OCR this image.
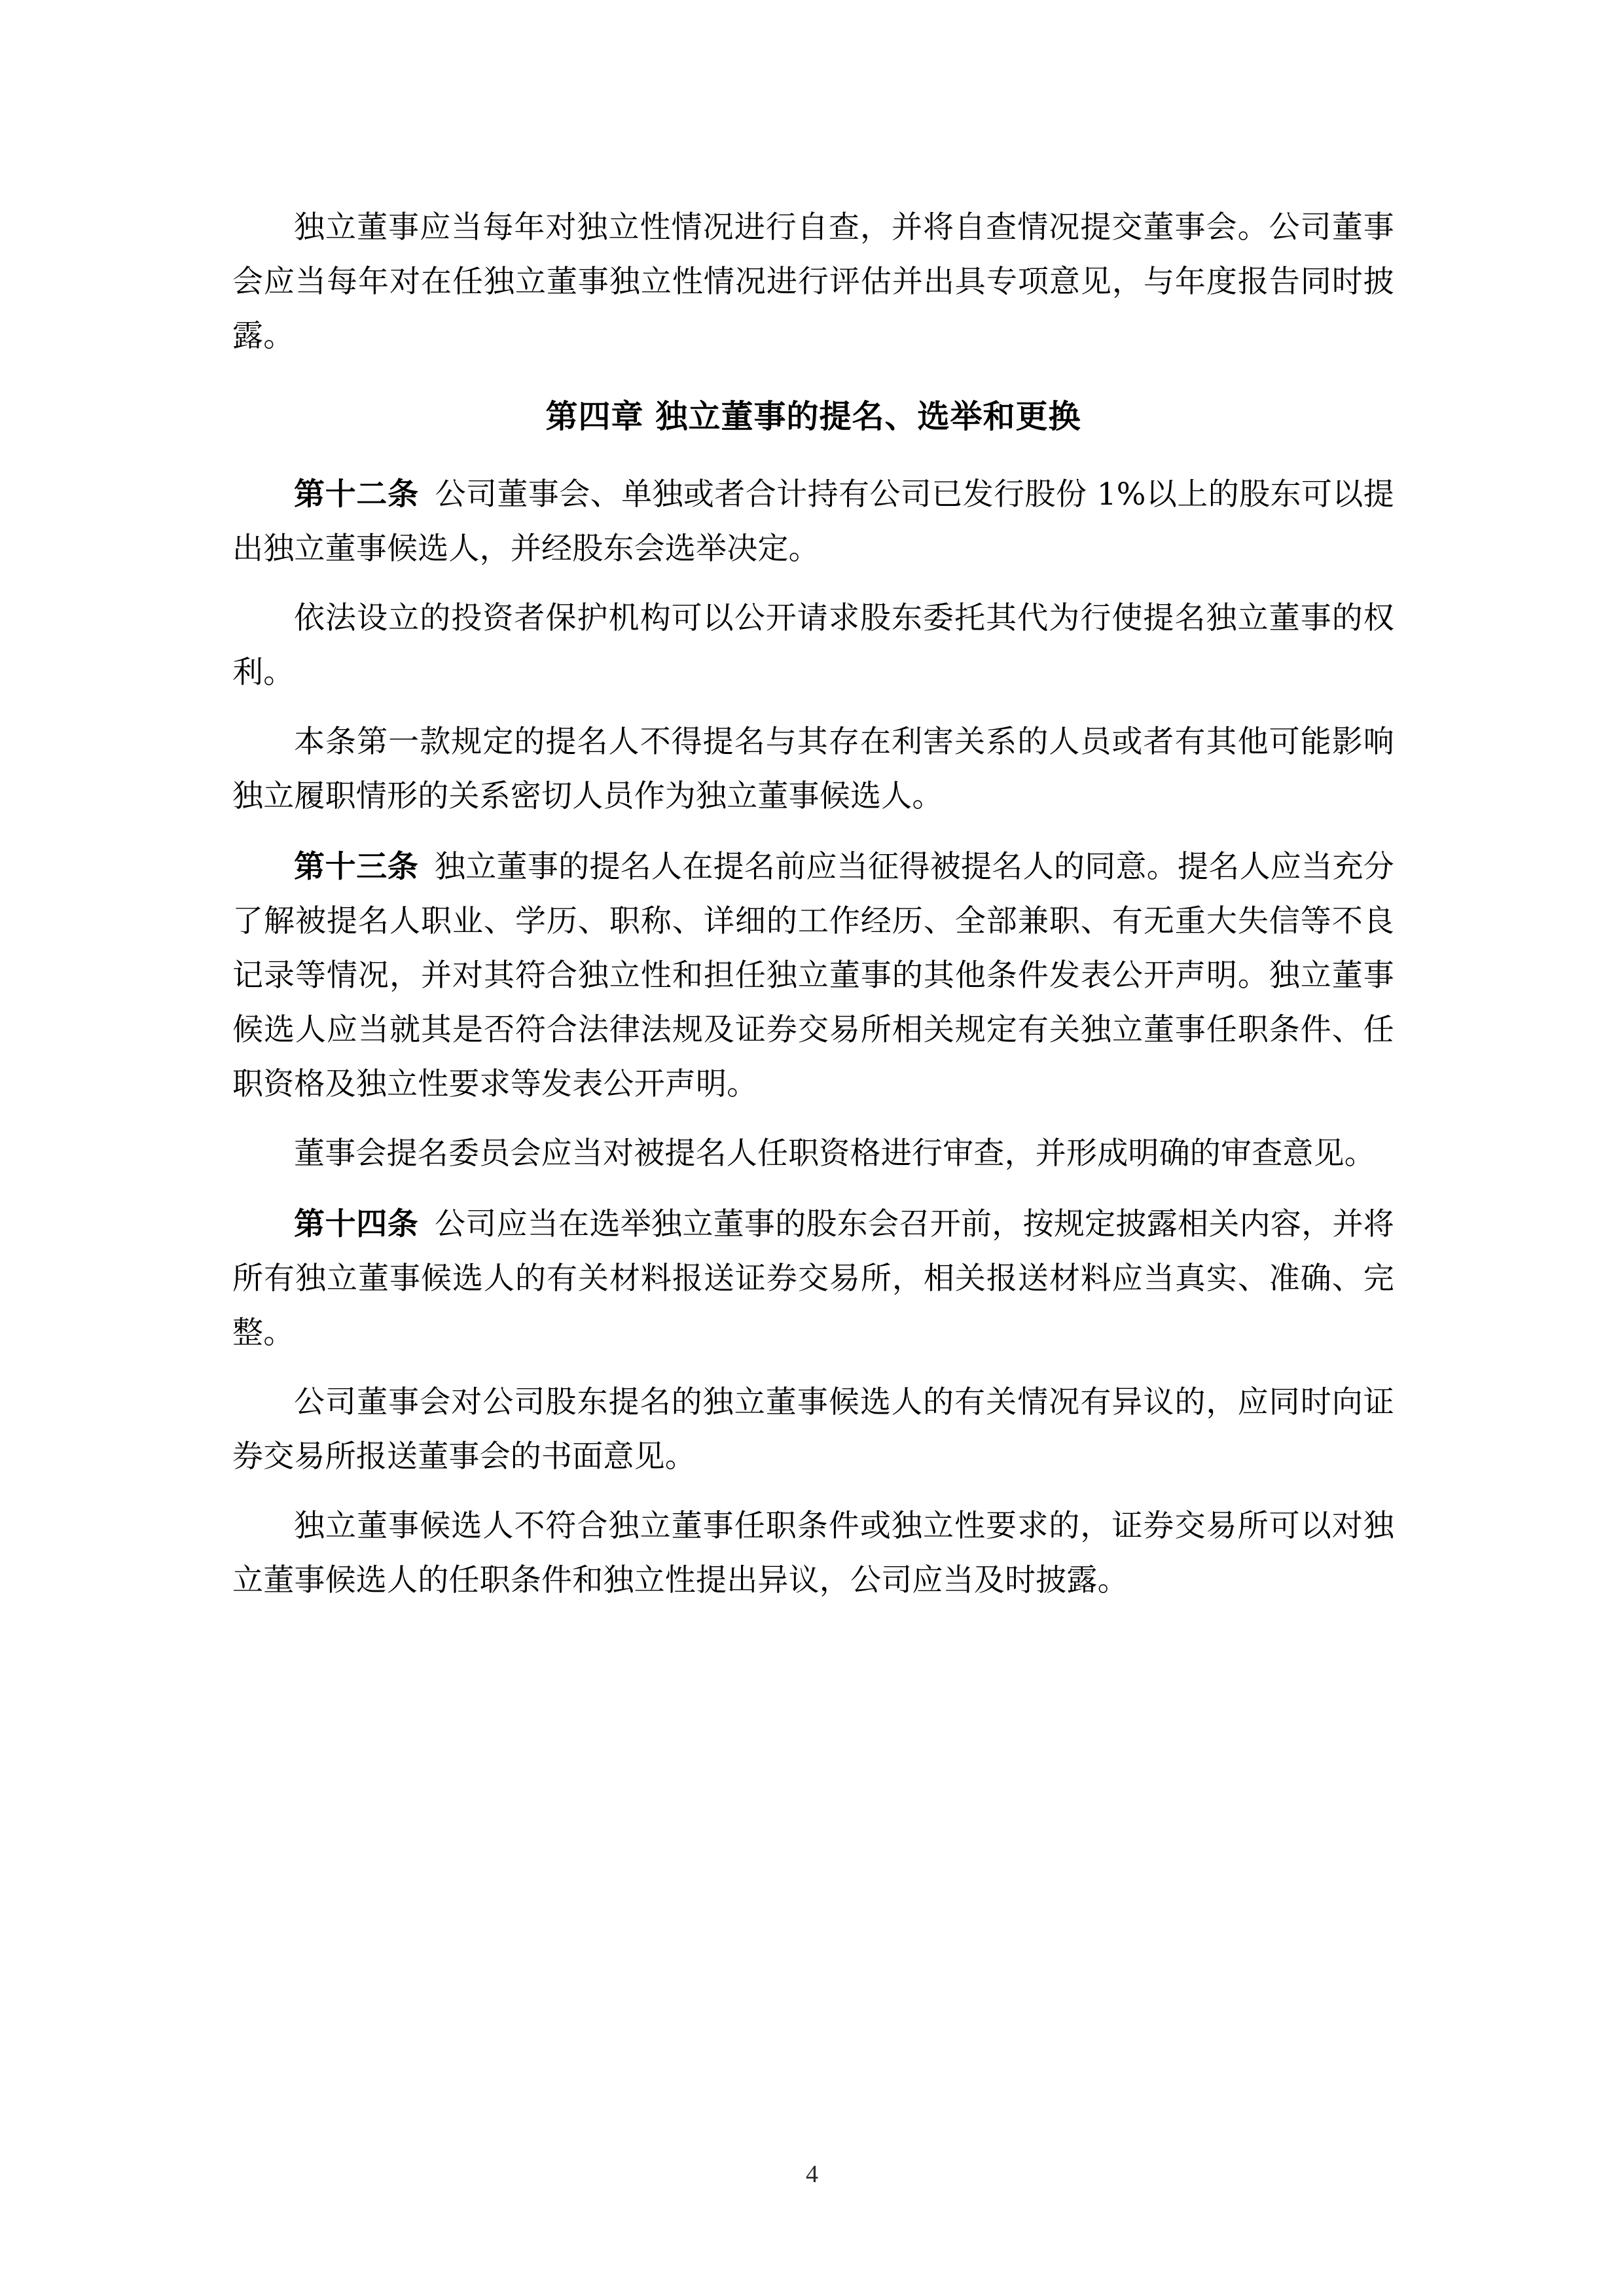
独立董事应当每年对独立性情况进行自查，并将自查情况提交董事会。公司董事会应当每年对在任独立董事独立性情况进行评估并出具专项意见，与年度报告同时披露。

第四章 独立董事的提名、选举和更换

第十二条 公司董事会、单独或者合计持有公司已发行股份 1%以上的股东可以提出独立董事候选人，并经股东会选举决定。

依法设立的投资者保护机构可以公开请求股东委托其代为行使提名独立董事的权利。

本条第一款规定的提名人不得提名与其存在利害关系的人员或者有其他可能影响独立履职情形的关系密切人员作为独立董事候选人。

第十三条 独立董事的提名人在提名前应当征得被提名人的同意。提名人应当充分了解被提名人职业、学历、职称、详细的工作经历、全部兼职、有无重大失信等不良记录等情况，并对其符合独立性和担任独立董事的其他条件发表公开声明。独立董事候选人应当就其是否符合法律法规及证券交易所相关规定有关独立董事任职条件、任职资格及独立性要求等发表公开声明。

董事会提名委员会应当对被提名人任职资格进行审查，并形成明确的审查意见。

第十四条 公司应当在选举独立董事的股东会召开前，按规定披露相关内容，并将所有独立董事候选人的有关材料报送证券交易所，相关报送材料应当真实、准确、完整。

公司董事会对公司股东提名的独立董事候选人的有关情况有异议的，应同时向证券交易所报送董事会的书面意见。

独立董事候选人不符合独立董事任职条件或独立性要求的，证券交易所可以对独立董事候选人的任职条件和独立性提出异议，公司应当及时披露。

4
